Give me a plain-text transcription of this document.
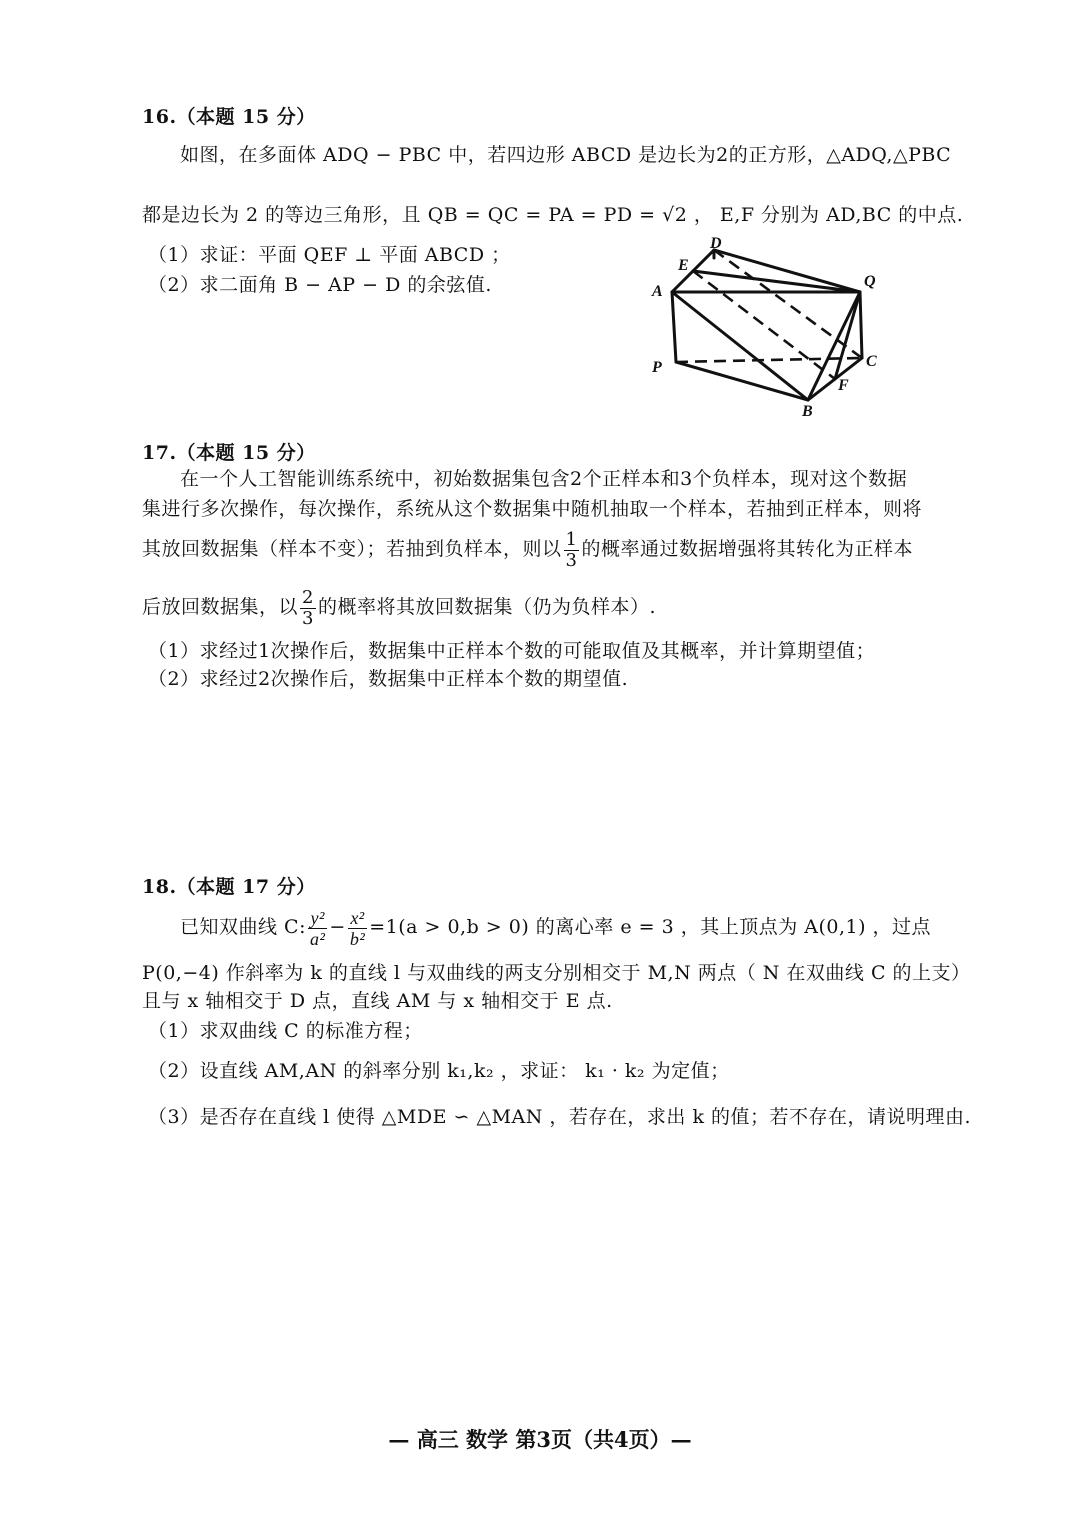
16.（本题 15 分）
如图，在多面体 ADQ − PBC 中，若四边形 ABCD 是边长为2的正方形，△ADQ,△PBC
都是边长为 2 的等边三角形，且 QB = QC = PA = PD = √2 ， E,F 分别为 AD,BC 的中点.
（1）求证：平面 QEF ⊥ 平面 ABCD ；
（2）求二面角 B − AP − D 的余弦值.
D
E
A
Q
P	C
F
B
17.（本题 15 分）
在一个人工智能训练系统中，初始数据集包含2个正样本和3个负样本，现对这个数据
集进行多次操作，每次操作，系统从这个数据集中随机抽取一个样本，若抽到正样本，则将
其放回数据集（样本不变）；若抽到负样本，则以 $\frac{1}{3}$ 的概率通过数据增强将其转化为正样本
后放回数据集，以 $\frac{2}{3}$ 的概率将其放回数据集（仍为负样本）.
（1）求经过1次操作后，数据集中正样本个数的可能取值及其概率，并计算期望值；
（2）求经过2次操作后，数据集中正样本个数的期望值.
18.（本题 17 分）
已知双曲线 C: $\frac{\text{y²}}{\text{a²}} - \frac{\text{x²}}{\text{b²}} =1(a > 0,b > 0)$ 的离心率 e = 3 ，其上顶点为 A(0,1) ，过点
P(0,−4) 作斜率为 k 的直线 l 与双曲线的两支分别相交于 M,N 两点（ N 在双曲线 C 的上支）
且与 x 轴相交于 D 点，直线 AM 与 x 轴相交于 E 点.
（1）求双曲线 C 的标准方程；
（2）设直线 AM,AN 的斜率分别 k₁,k₂ ，求证： k₁ · k₂ 为定值；
（3）是否存在直线 l 使得 △MDE ∽ △MAN ，若存在，求出 k 的值；若不存在，请说明理由.
— 高三 数学 第3页（共4页）—
